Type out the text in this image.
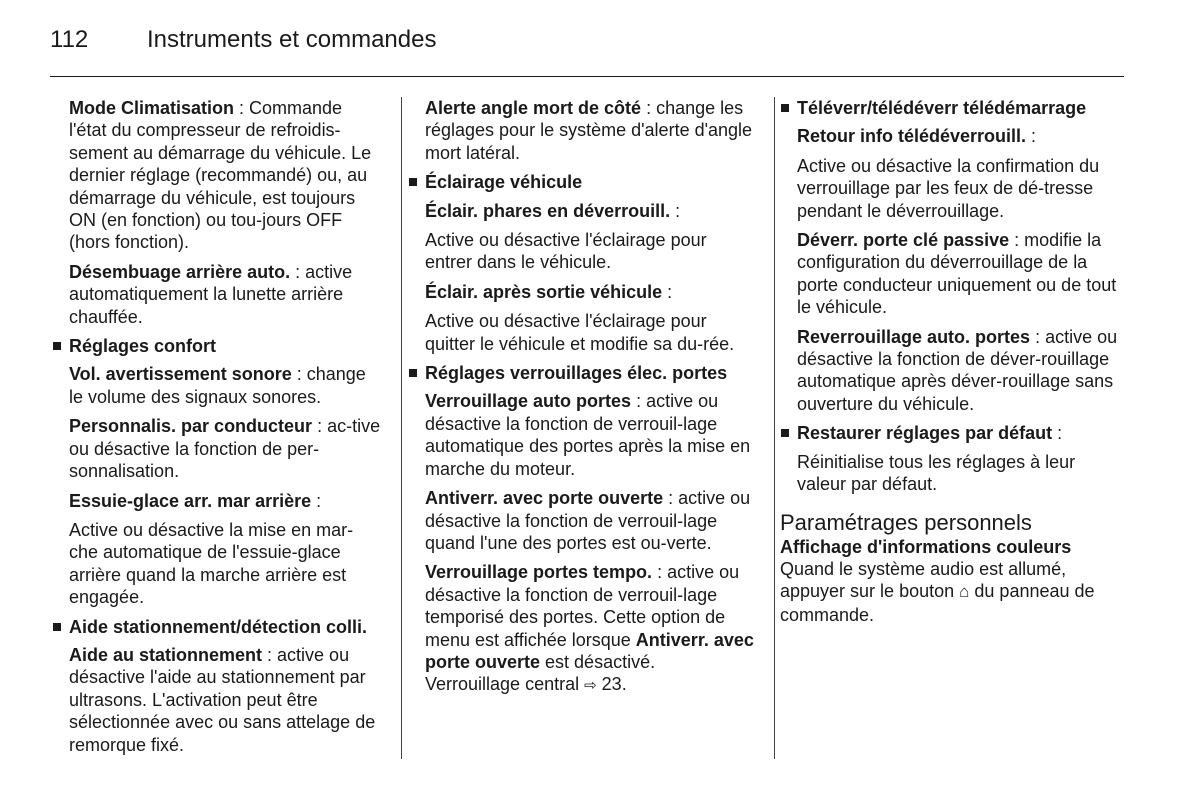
112 Instruments et commandes

Mode Climatisation : Commande l'état du compresseur de refroidis-sement au démarrage du véhicule. Le dernier réglage (recommandé) ou, au démarrage du véhicule, est toujours ON (en fonction) ou tou-jours OFF (hors fonction).

Désembuage arrière auto. : active automatiquement la lunette arrière chauffée.

Réglages confort

Vol. avertissement sonore : change le volume des signaux sonores.

Personnalis. par conducteur : ac-tive ou désactive la fonction de per-sonnalisation.

Essuie-glace arr. mar arrière :

Active ou désactive la mise en mar-che automatique de l'essuie-glace arrière quand la marche arrière est engagée.

Aide stationnement/détection colli.

Aide au stationnement : active ou désactive l'aide au stationnement par ultrasons. L'activation peut être sélectionnée avec ou sans attelage de remorque fixé.

Alerte angle mort de côté : change les réglages pour le système d'alerte d'angle mort latéral.

Éclairage véhicule

Éclair. phares en déverrouill. :

Active ou désactive l'éclairage pour entrer dans le véhicule.

Éclair. après sortie véhicule :

Active ou désactive l'éclairage pour quitter le véhicule et modifie sa du-rée.

Réglages verrouillages élec. portes

Verrouillage auto portes : active ou désactive la fonction de verrouil-lage automatique des portes après la mise en marche du moteur.

Antiverr. avec porte ouverte : active ou désactive la fonction de verrouil-lage quand l'une des portes est ou-verte.

Verrouillage portes tempo. : active ou désactive la fonction de verrouil-lage temporisé des portes. Cette option de menu est affichée lorsque Antiverr. avec porte ouverte est désactivé. Verrouillage central ⇨ 23.

Téléverr/télédéverr télédémarrage

Retour info télédéverrouill. :

Active ou désactive la confirmation du verrouillage par les feux de dé-tresse pendant le déverrouillage.

Déverr. porte clé passive : modifie la configuration du déverrouillage de la porte conducteur uniquement ou de tout le véhicule.

Reverrouillage auto. portes : active ou désactive la fonction de déver-rouillage automatique après déver-rouillage sans ouverture du véhicule.

Restaurer réglages par défaut :

Réinitialise tous les réglages à leur valeur par défaut.

Paramétrages personnels
Affichage d'informations couleurs

Quand le système audio est allumé, appuyer sur le bouton ⌂ du panneau de commande.
